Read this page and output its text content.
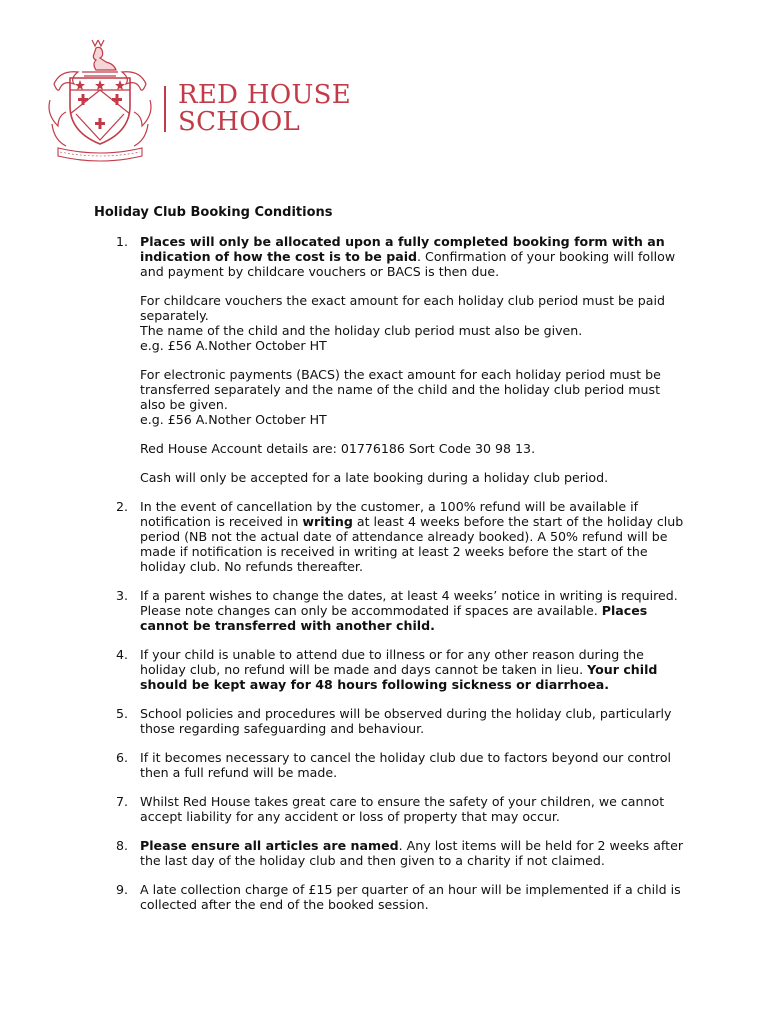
RED HOUSE
SCHOOL
Holiday Club Booking Conditions
1. Places will only be allocated upon a fully completed booking form with an indication of how the cost is to be paid. Confirmation of your booking will follow and payment by childcare vouchers or BACS is then due.

For childcare vouchers the exact amount for each holiday club period must be paid separately.

The name of the child and the holiday club period must also be given.

e.g. £56 A.Nother October HT

For electronic payments (BACS) the exact amount for each holiday period must be transferred separately and the name of the child and the holiday club period must also be given.

e.g. £56 A.Nother October HT

Red House Account details are: 01776186 Sort Code 30 98 13.

Cash will only be accepted for a late booking during a holiday club period.

2. In the event of cancellation by the customer, a 100% refund will be available if notification is received in writing at least 4 weeks before the start of the holiday club period (NB not the actual date of attendance already booked). A 50% refund will be made if notification is received in writing at least 2 weeks before the start of the holiday club. No refunds thereafter.

3. If a parent wishes to change the dates, at least 4 weeks’ notice in writing is required. Please note changes can only be accommodated if spaces are available. Places cannot be transferred with another child.

4. If your child is unable to attend due to illness or for any other reason during the holiday club, no refund will be made and days cannot be taken in lieu. Your child should be kept away for 48 hours following sickness or diarrhoea.

5. School policies and procedures will be observed during the holiday club, particularly those regarding safeguarding and behaviour.

6. If it becomes necessary to cancel the holiday club due to factors beyond our control then a full refund will be made.

7. Whilst Red House takes great care to ensure the safety of your children, we cannot accept liability for any accident or loss of property that may occur.

8. Please ensure all articles are named. Any lost items will be held for 2 weeks after the last day of the holiday club and then given to a charity if not claimed.

9. A late collection charge of £15 per quarter of an hour will be implemented if a child is collected after the end of the booked session.
